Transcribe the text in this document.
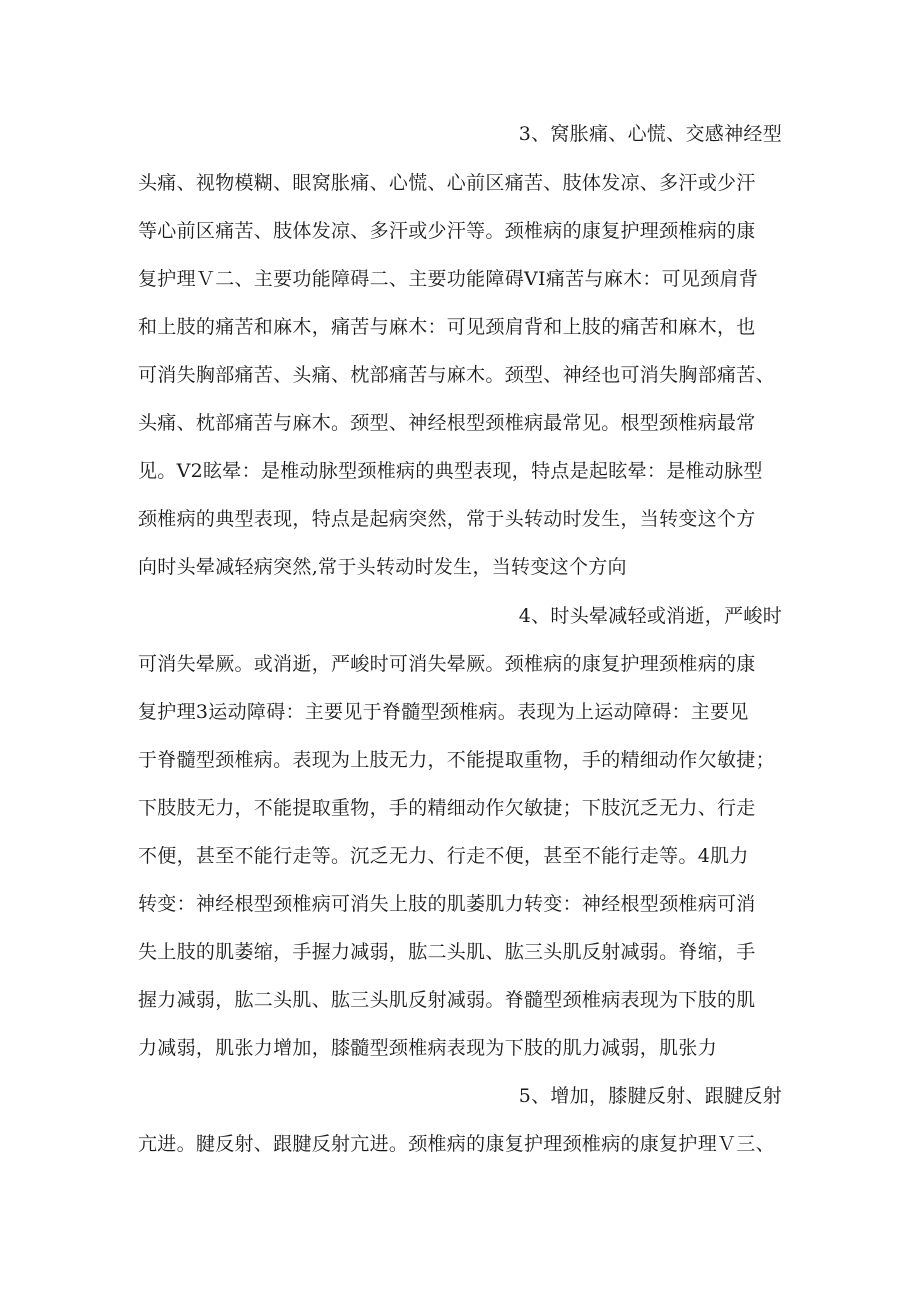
3、窝胀痛、心慌、交感神经型
头痛、视物模糊、眼窝胀痛、心慌、心前区痛苦、肢体发凉、多汗或少汗
等心前区痛苦、肢体发凉、多汗或少汗等。颈椎病的康复护理颈椎病的康
复护理Ｖ二、主要功能障碍二、主要功能障碍VI痛苦与麻木：可见颈肩背
和上肢的痛苦和麻木，痛苦与麻木：可见颈肩背和上肢的痛苦和麻木，也
可消失胸部痛苦、头痛、枕部痛苦与麻木。颈型、神经也可消失胸部痛苦、
头痛、枕部痛苦与麻木。颈型、神经根型颈椎病最常见。根型颈椎病最常
见。V2眩晕：是椎动脉型颈椎病的典型表现，特点是起眩晕：是椎动脉型
颈椎病的典型表现，特点是起病突然，常于头转动时发生，当转变这个方
向时头晕减轻病突然,常于头转动时发生，当转变这个方向
4、时头晕减轻或消逝，严峻时
可消失晕厥。或消逝，严峻时可消失晕厥。颈椎病的康复护理颈椎病的康
复护理3运动障碍：主要见于脊髓型颈椎病。表现为上运动障碍：主要见
于脊髓型颈椎病。表现为上肢无力，不能提取重物，手的精细动作欠敏捷；
下肢肢无力，不能提取重物，手的精细动作欠敏捷；下肢沉乏无力、行走
不便，甚至不能行走等。沉乏无力、行走不便，甚至不能行走等。4肌力
转变：神经根型颈椎病可消失上肢的肌萎肌力转变：神经根型颈椎病可消
失上肢的肌萎缩，手握力减弱，肱二头肌、肱三头肌反射减弱。脊缩，手
握力减弱，肱二头肌、肱三头肌反射减弱。脊髓型颈椎病表现为下肢的肌
力减弱，肌张力增加，膝髓型颈椎病表现为下肢的肌力减弱，肌张力
5、增加，膝腱反射、跟腱反射
亢进。腱反射、跟腱反射亢进。颈椎病的康复护理颈椎病的康复护理Ｖ三、
